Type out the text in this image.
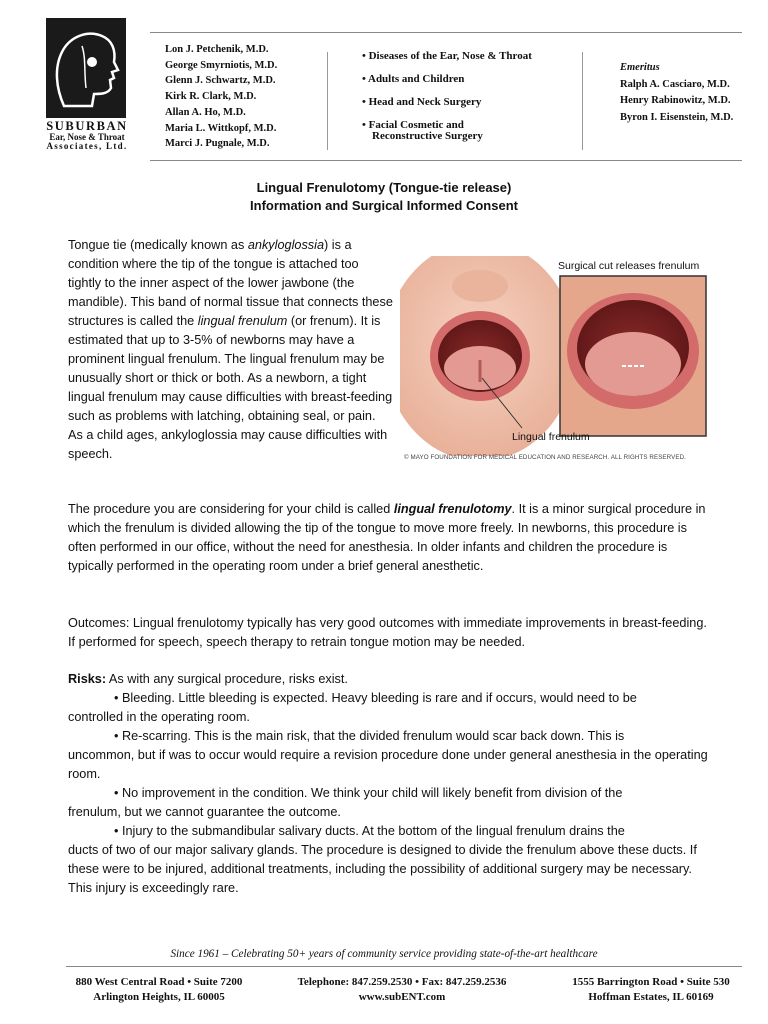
SUBURBAN
Ear, Nose & Throat
Associates, Ltd.
Lon J. Petchenik, M.D.
George Smyrniotis, M.D.
Glenn J. Schwartz, M.D.
Kirk R. Clark, M.D.
Allan A. Ho, M.D.
Maria L. Wittkopf, M.D.
Marci J. Pugnale, M.D.
• Diseases of the Ear, Nose & Throat
• Adults and Children
• Head and Neck Surgery
• Facial Cosmetic and
Reconstructive Surgery
Emeritus
Ralph A. Casciaro, M.D.
Henry Rabinowitz, M.D.
Byron I. Eisenstein, M.D.
Lingual Frenulotomy (Tongue-tie release)
Information and Surgical Informed Consent
Tongue tie (medically known as ankyloglossia) is a condition where the tip of the tongue is attached too tightly to the inner aspect of the lower jawbone (the mandible). This band of normal tissue that connects these structures is called the lingual frenulum (or frenum). It is estimated that up to 3-5% of newborns may have a prominent lingual frenulum. The lingual frenulum may be unusually short or thick or both. As a newborn, a tight lingual frenulum may cause difficulties with breast-feeding such as problems with latching, obtaining seal, or pain. As a child ages, ankyloglossia may cause difficulties with speech.
Surgical cut releases frenulum
Lingual frenulum
© MAYO FOUNDATION FOR MEDICAL EDUCATION AND RESEARCH. ALL RIGHTS RESERVED.
The procedure you are considering for your child is called lingual frenulotomy. It is a minor surgical procedure in which the frenulum is divided allowing the tip of the tongue to move more freely. In newborns, this procedure is often performed in our office, without the need for anesthesia. In older infants and children the procedure is typically performed in the operating room under a brief general anesthetic.
Outcomes: Lingual frenulotomy typically has very good outcomes with immediate improvements in breast-feeding. If performed for speech, speech therapy to retrain tongue motion may be needed.
Risks: As with any surgical procedure, risks exist.
• Bleeding. Little bleeding is expected. Heavy bleeding is rare and if occurs, would need to be
controlled in the operating room.
• Re-scarring. This is the main risk, that the divided frenulum would scar back down. This is
uncommon, but if was to occur would require a revision procedure done under general anesthesia in the operating room.
• No improvement in the condition. We think your child will likely benefit from division of the
frenulum, but we cannot guarantee the outcome.
• Injury to the submandibular salivary ducts. At the bottom of the lingual frenulum drains the
ducts of two of our major salivary glands. The procedure is designed to divide the frenulum above these ducts. If these were to be injured, additional treatments, including the possibility of additional surgery may be necessary. This injury is exceedingly rare.
Since 1961 – Celebrating 50+ years of community service providing state-of-the-art healthcare
880 West Central Road • Suite 7200
Arlington Heights, IL 60005
Telephone: 847.259.2530 • Fax: 847.259.2536
www.subENT.com
1555 Barrington Road • Suite 530
Hoffman Estates, IL 60169
